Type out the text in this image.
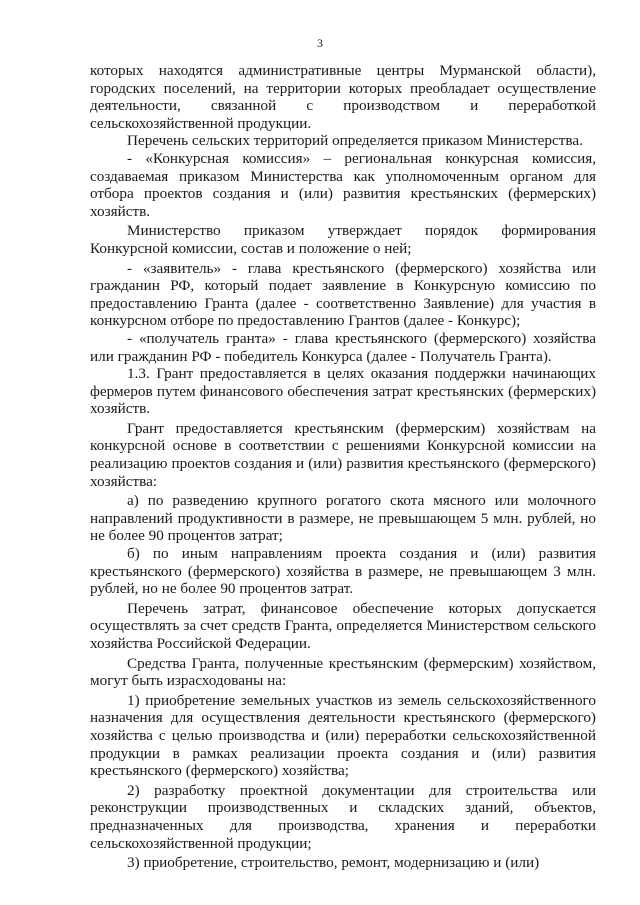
3

которых находятся административные центры Мурманской области), городских поселений, на территории которых преобладает осуществление деятельности, связанной с производством и переработкой сельскохозяйственной продукции.

Перечень сельских территорий определяется приказом Министерства.

- «Конкурсная комиссия» – региональная конкурсная комиссия, создаваемая приказом Министерства как уполномоченным органом для отбора проектов создания и (или) развития крестьянских (фермерских) хозяйств.

Министерство приказом утверждает порядок формирования Конкурсной комиссии, состав и положение о ней;

- «заявитель» - глава крестьянского (фермерского) хозяйства или гражданин РФ, который подает заявление в Конкурсную комиссию по предоставлению Гранта (далее - соответственно Заявление) для участия в конкурсном отборе по предоставлению Грантов (далее - Конкурс);

- «получатель гранта» - глава крестьянского (фермерского) хозяйства или гражданин РФ - победитель Конкурса (далее - Получатель Гранта).

1.3. Грант предоставляется в целях оказания поддержки начинающих фермеров путем финансового обеспечения затрат крестьянских (фермерских) хозяйств.

Грант предоставляется крестьянским (фермерским) хозяйствам на конкурсной основе в соответствии с решениями Конкурсной комиссии на реализацию проектов создания и (или) развития крестьянского (фермерского) хозяйства:

а) по разведению крупного рогатого скота мясного или молочного направлений продуктивности в размере, не превышающем 5 млн. рублей, но не более 90 процентов затрат;

б) по иным направлениям проекта создания и (или) развития крестьянского (фермерского) хозяйства в размере, не превышающем 3 млн. рублей, но не более 90 процентов затрат.

Перечень затрат, финансовое обеспечение которых допускается осуществлять за счет средств Гранта, определяется Министерством сельского хозяйства Российской Федерации.

Средства Гранта, полученные крестьянским (фермерским) хозяйством, могут быть израсходованы на:

1) приобретение земельных участков из земель сельскохозяйственного назначения для осуществления деятельности крестьянского (фермерского) хозяйства с целью производства и (или) переработки сельскохозяйственной продукции в рамках реализации проекта создания и (или) развития крестьянского (фермерского) хозяйства;

2) разработку проектной документации для строительства или реконструкции производственных и складских зданий, объектов, предназначенных для производства, хранения и переработки сельскохозяйственной продукции;

3) приобретение, строительство, ремонт, модернизацию и (или)
